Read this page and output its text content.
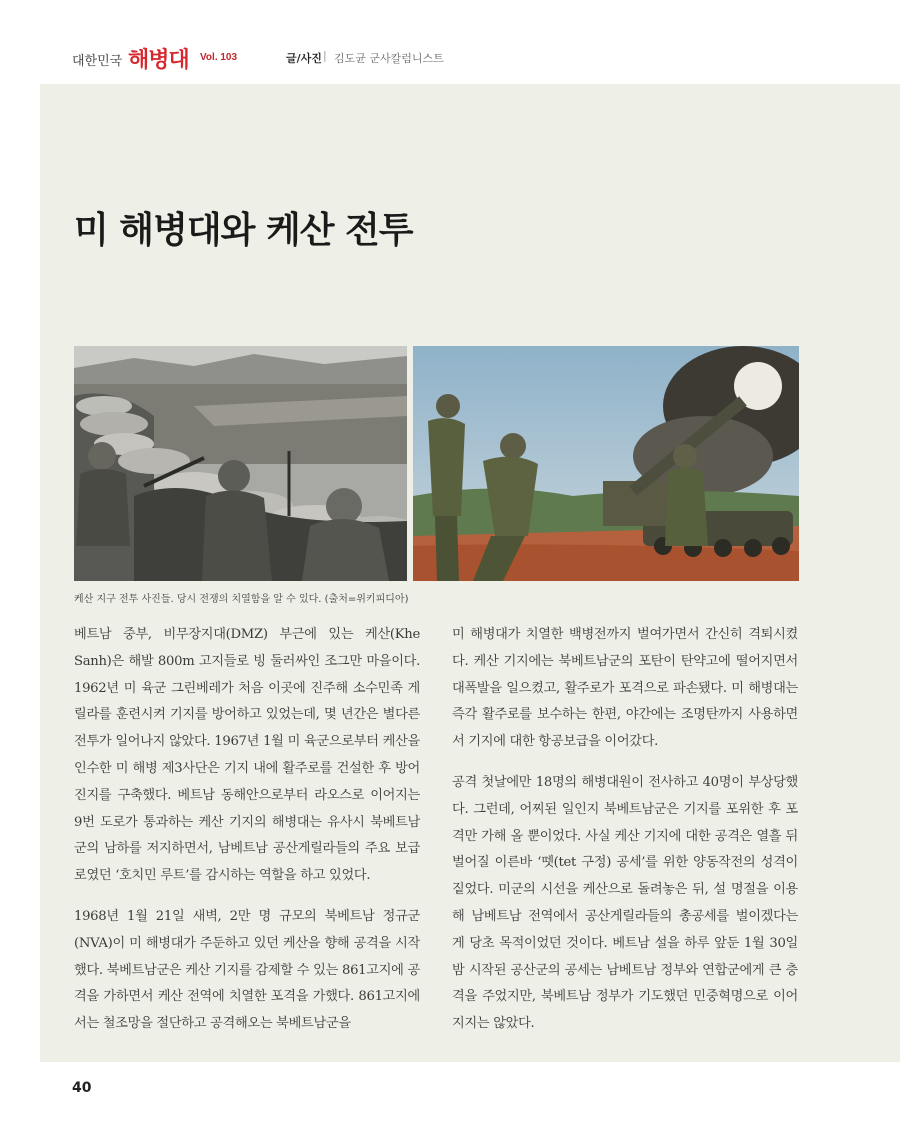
대한민국 해병대 Vol. 103	글/사진 | 김도균 군사칼럼니스트
미 해병대와 케산 전투
케산 지구 전투 사진들. 당시 전쟁의 치열함을 알 수 있다. (출처=위키피디아)

베트남 중부, 비무장지대(DMZ) 부근에 있는 케산(Khe Sanh)은 해발 800m 고지들로 빙 둘러싸인 조그만 마을이다. 1962년 미 육군 그린베레가 처음 이곳에 진주해 소수민족 게릴라를 훈련시켜 기지를 방어하고 있었는데, 몇 년간은 별다른 전투가 일어나지 않았다. 1967년 1월 미 육군으로부터 케산을 인수한 미 해병 제3사단은 기지 내에 활주로를 건설한 후 방어진지를 구축했다. 베트남 동해안으로부터 라오스로 이어지는 9번 도로가 통과하는 케산 기지의 해병대는 유사시 북베트남군의 남하를 저지하면서, 남베트남 공산게릴라들의 주요 보급로였던 ‘호치민 루트’를 감시하는 역할을 하고 있었다.

1968년 1월 21일 새벽, 2만 명 규모의 북베트남 정규군(NVA)이 미 해병대가 주둔하고 있던 케산을 향해 공격을 시작했다. 북베트남군은 케산 기지를 감제할 수 있는 861고지에 공격을 가하면서 케산 전역에 치열한 포격을 가했다. 861고지에서는 철조망을 절단하고 공격해오는 북베트남군을

미 해병대가 치열한 백병전까지 벌여가면서 간신히 격퇴시켰다. 케산 기지에는 북베트남군의 포탄이 탄약고에 떨어지면서 대폭발을 일으켰고, 활주로가 포격으로 파손됐다. 미 해병대는 즉각 활주로를 보수하는 한편, 야간에는 조명탄까지 사용하면서 기지에 대한 항공보급을 이어갔다.

공격 첫날에만 18명의 해병대원이 전사하고 40명이 부상당했다. 그런데, 어찌된 일인지 북베트남군은 기지를 포위한 후 포격만 가해 올 뿐이었다. 사실 케산 기지에 대한 공격은 열흘 뒤 벌어질 이른바 ‘뗏(tet 구정) 공세’를 위한 양동작전의 성격이 짙었다. 미군의 시선을 케산으로 돌려놓은 뒤, 설 명절을 이용해 남베트남 전역에서 공산게릴라들의 총공세를 벌이겠다는 게 당초 목적이었던 것이다. 베트남 설을 하루 앞둔 1월 30일 밤 시작된 공산군의 공세는 남베트남 정부와 연합군에게 큰 충격을 주었지만, 북베트남 정부가 기도했던 민중혁명으로 이어지지는 않았다.

40
